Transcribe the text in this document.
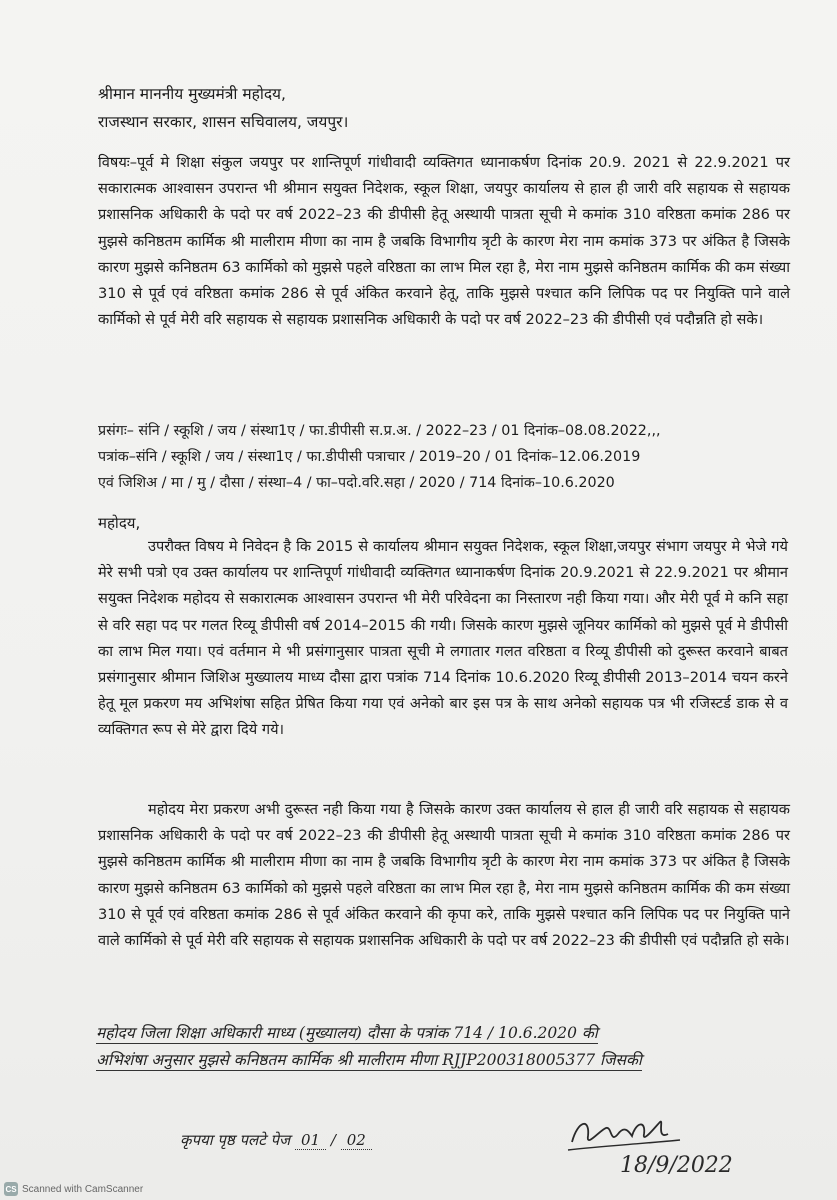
श्रीमान माननीय मुख्यमंत्री महोदय,
राजस्थान सरकार, शासन सचिवालय, जयपुर।
विषयः–पूर्व मे शिक्षा संकुल जयपुर पर शान्तिपूर्ण गांधीवादी व्यक्तिगत ध्यानाकर्षण दिनांक 20.9. 2021 से 22.9.2021 पर सकारात्मक आश्वासन उपरान्त भी श्रीमान सयुक्त निदेशक, स्कूल शिक्षा, जयपुर कार्यालय से हाल ही जारी वरि सहायक से सहायक प्रशासनिक अधिकारी के पदो पर वर्ष 2022–23 की डीपीसी हेतू अस्थायी पात्रता सूची मे कमांक 310 वरिष्ठता कमांक 286 पर मुझसे कनिष्ठतम कार्मिक श्री मालीराम मीणा का नाम है जबकि विभागीय त्रृटी के कारण मेरा नाम कमांक 373 पर अंकित है जिसके कारण मुझसे कनिष्ठतम 63 कार्मिको को मुझसे पहले वरिष्ठता का लाभ मिल रहा है, मेरा नाम मुझसे कनिष्ठतम कार्मिक की कम संख्या 310 से पूर्व एवं वरिष्ठता कमांक 286 से पूर्व अंकित करवाने हेतू, ताकि मुझसे पश्चात कनि लिपिक पद पर नियुक्ति पाने वाले कार्मिको से पूर्व मेरी वरि सहायक से सहायक प्रशासनिक अधिकारी के पदो पर वर्ष 2022–23 की डीपीसी एवं पदौन्नति हो सके।
प्रसंगः– संनि / स्कूशि / जय / संस्था1ए / फा.डीपीसी स.प्र.अ. / 2022–23 / 01 दिनांक–08.08.2022,,,
पत्रांक–संनि / स्कूशि / जय / संस्था1ए / फा.डीपीसी पत्राचार / 2019–20 / 01 दिनांक–12.06.2019
एवं जिशिअ / मा / मु / दौसा / संस्था–4 / फा–पदो.वरि.सहा / 2020 / 714 दिनांक–10.6.2020
महोदय,

उपरौक्त विषय मे निवेदन है कि 2015 से कार्यालय श्रीमान सयुक्त निदेशक, स्कूल शिक्षा,जयपुर संभाग जयपुर मे भेजे गये मेरे सभी पत्रो एव उक्त कार्यालय पर शान्तिपूर्ण गांधीवादी व्यक्तिगत ध्यानाकर्षण दिनांक 20.9.2021 से 22.9.2021 पर श्रीमान सयुक्त निदेशक महोदय से सकारात्मक आश्वासन उपरान्त भी मेरी परिवेदना का निस्तारण नही किया गया। और मेरी पूर्व मे कनि सहा से वरि सहा पद पर गलत रिव्यू डीपीसी वर्ष 2014–2015 की गयी। जिसके कारण मुझसे जूनियर कार्मिको को मुझसे पूर्व मे डीपीसी का लाभ मिल गया। एवं वर्तमान मे भी प्रसंगानुसार पात्रता सूची मे लगातार गलत वरिष्ठता व रिव्यू डीपीसी को दुरूस्त करवाने बाबत प्रसंगानुसार श्रीमान जिशिअ मुख्यालय माध्य दौसा द्वारा पत्रांक 714 दिनांक 10.6.2020 रिव्यू डीपीसी 2013–2014 चयन करने हेतू मूल प्रकरण मय अभिशंषा सहित प्रेषित किया गया एवं अनेको बार इस पत्र के साथ अनेको सहायक पत्र भी रजिस्टर्ड डाक से व व्यक्तिगत रूप से मेरे द्वारा दिये गये।

महोदय मेरा प्रकरण अभी दुरूस्त नही किया गया है जिसके कारण उक्त कार्यालय से हाल ही जारी वरि सहायक से सहायक प्रशासनिक अधिकारी के पदो पर वर्ष 2022–23 की डीपीसी हेतू अस्थायी पात्रता सूची मे कमांक 310 वरिष्ठता कमांक 286 पर मुझसे कनिष्ठतम कार्मिक श्री मालीराम मीणा का नाम है जबकि विभागीय त्रृटी के कारण मेरा नाम कमांक 373 पर अंकित है जिसके कारण मुझसे कनिष्ठतम 63 कार्मिको को मुझसे पहले वरिष्ठता का लाभ मिल रहा है, मेरा नाम मुझसे कनिष्ठतम कार्मिक की कम संख्या 310 से पूर्व एवं वरिष्ठता कमांक 286 से पूर्व अंकित करवाने की कृपा करे, ताकि मुझसे पश्चात कनि लिपिक पद पर नियुक्ति पाने वाले कार्मिको से पूर्व मेरी वरि सहायक से सहायक प्रशासनिक अधिकारी के पदो पर वर्ष 2022–23 की डीपीसी एवं पदौन्नति हो सके।

महोदय जिला शिक्षा अधिकारी माध्य (मुख्यालय) दौसा के पत्रांक 714 / 10.6.2020 की
अभिशंषा अनुसार मुझसे कनिष्ठतम कार्मिक श्री मालीराम मीणा RJJP200318005377 जिसकी
कृपया पृष्ठ पलटे पेज 01 / 02
18/9/2022
CS Scanned with CamScanner
